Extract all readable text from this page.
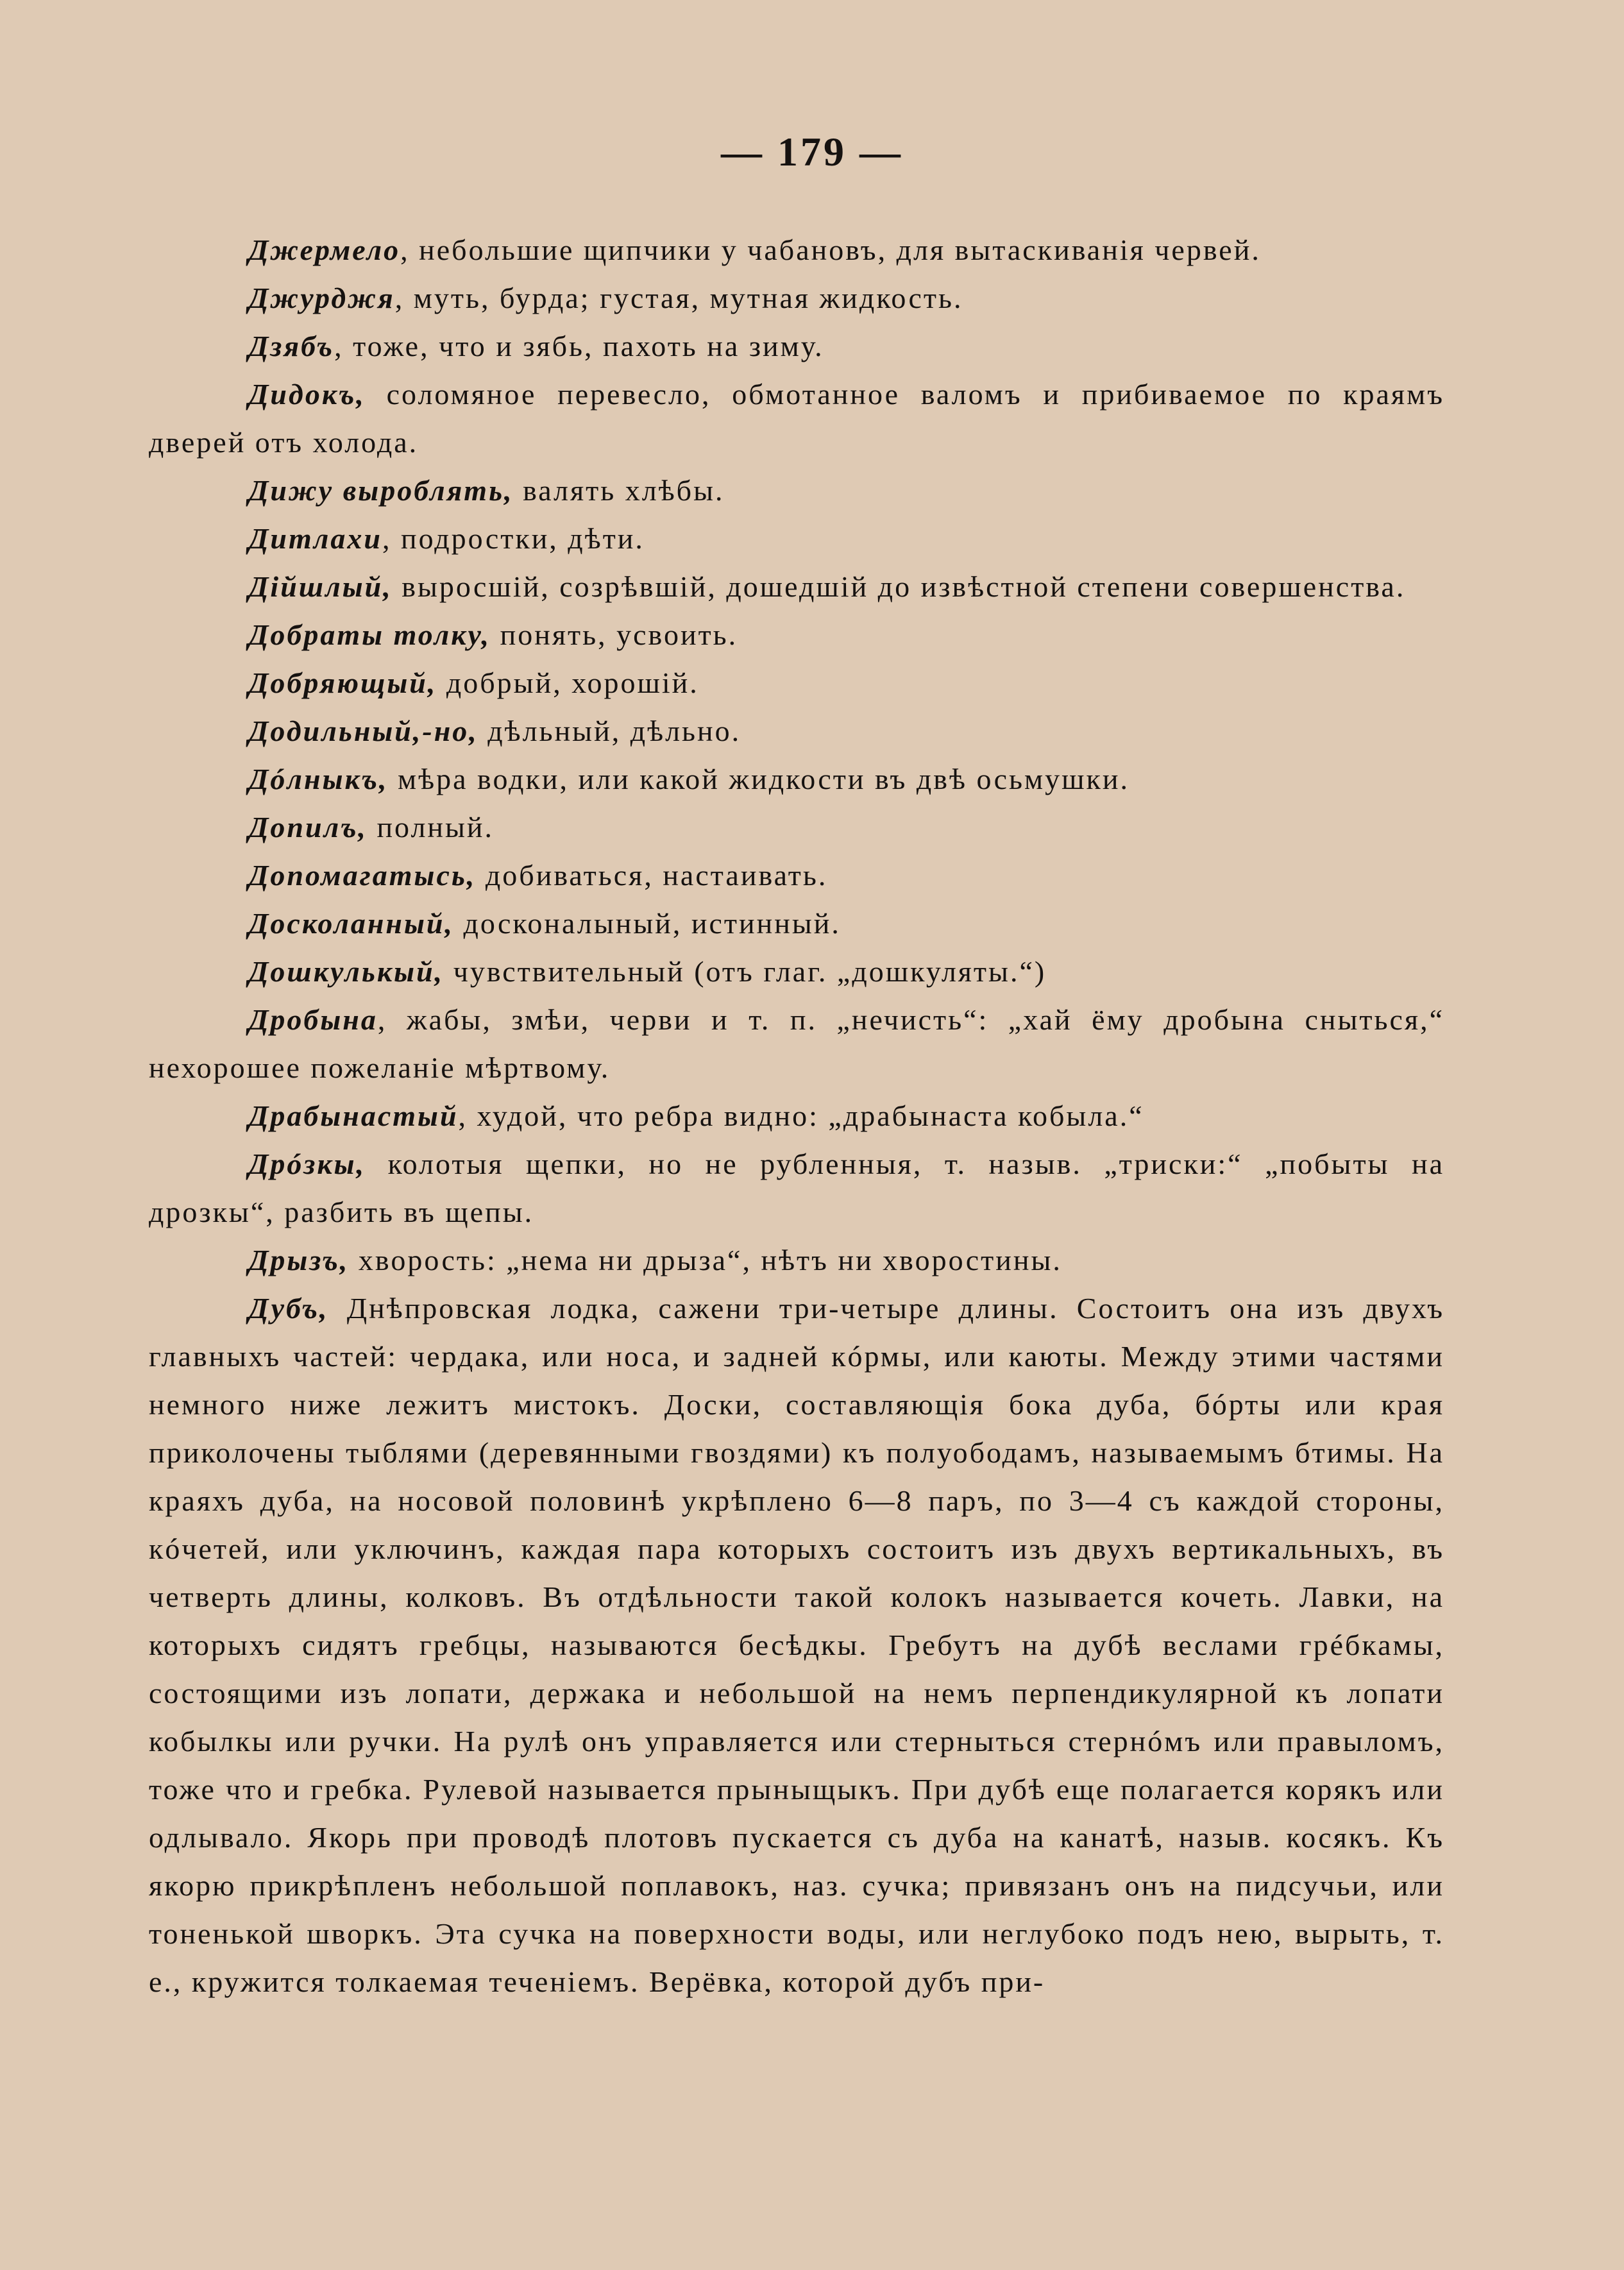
— 179 —

Джермело, небольшие щипчики у чабановъ, для вытаскиванія червей.

Джурджя, муть, бурда; густая, мутная жидкость.

Дзябъ, тоже, что и зябь, пахоть на зиму.

Дидокъ, соломяное перевесло, обмотанное валомъ и прибиваемое по краямъ дверей отъ холода.

Дижу выроблять, валять хлѣбы.

Дитлахи, подростки, дѣти.

Дійшлый, выросшій, созрѣвшій, дошедшій до извѣстной степени совершенства.

Добраты толку, понять, усвоить.

Добряющый, добрый, хорошій.

Додильный,-но, дѣльный, дѣльно.

Дóлныкъ, мѣра водки, или какой жидкости въ двѣ осьмушки.

Допилъ, полный.

Допомагатысь, добиваться, настаивать.

Досколанный, досконалыный, истинный.

Дошкулькый, чувствительный (отъ глаг. „дошкуляты.“)

Дробына, жабы, змѣи, черви и т. п. „нечисть“: „хай ёму дробына сныться,“ нехорошее пожеланіе мѣртвому.

Драбынастый, худой, что ребра видно: „драбынаста кобыла.“

Дрóзкы, колотыя щепки, но не рубленныя, т. назыв. „триски:“ „побыты на дрозкы“, разбить въ щепы.

Дрызъ, хворость: „нема ни дрыза“, нѣтъ ни хворостины.

Дубъ, Днѣпровская лодка, сажени три-четыре длины. Состоитъ она изъ двухъ главныхъ частей: чердака, или носа, и задней кóрмы, или каюты. Между этими частями немного ниже лежитъ мистокъ. Доски, составляющія бока дуба, бóрты или края приколочены тыблями (деревянными гвоздями) къ полуободамъ, называемымъ бтимы. На краяхъ дуба, на носовой половинѣ укрѣплено 6—8 паръ, по 3—4 съ каждой стороны, кóчетей, или уключинъ, каждая пара которыхъ состоитъ изъ двухъ вертикальныхъ, въ четверть длины, колковъ. Въ отдѣльности такой колокъ называется кочеть. Лавки, на которыхъ сидятъ гребцы, называются бесѣдкы. Гребутъ на дубѣ веслами грéбкамы, состоящими изъ лопати, держака и небольшой на немъ перпендикулярной къ лопати кобылкы или ручки. На рулѣ онъ управляется или стерныться стернóмъ или правыломъ, тоже что и гребка. Рулевой называется прыныщыкъ. При дубѣ еще полагается корякъ или одлывало. Якорь при проводѣ плотовъ пускается съ дуба на канатѣ, назыв. косякъ. Къ якорю прикрѣпленъ небольшой поплавокъ, наз. сучка; привязанъ онъ на пидсучьи, или тоненькой шворкъ. Эта сучка на поверхности воды, или неглубоко подъ нею, вырыть, т. е., кружится толкаемая теченіемъ. Верёвка, которой дубъ при-
